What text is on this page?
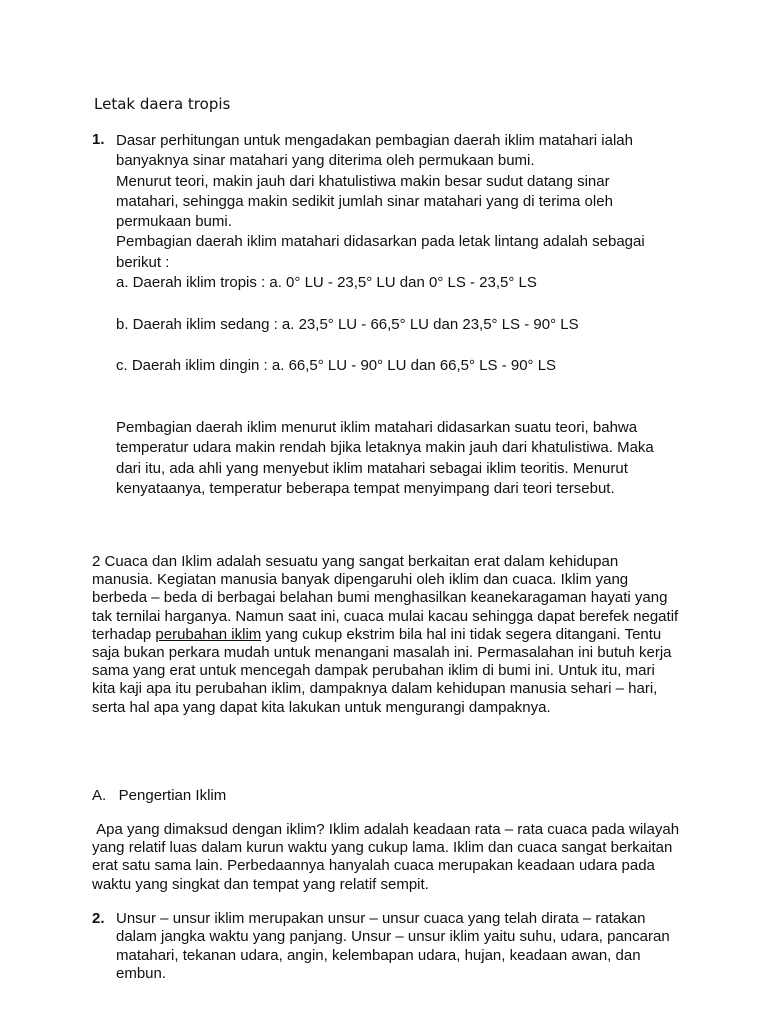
Letak daera tropis
1. Dasar perhitungan untuk mengadakan pembagian daerah iklim matahari ialah banyaknya sinar matahari yang diterima oleh permukaan bumi.

Menurut teori, makin jauh dari khatulistiwa makin besar sudut datang sinar matahari, sehingga makin sedikit jumlah sinar matahari yang di terima oleh permukaan bumi.

Pembagian daerah iklim matahari didasarkan pada letak lintang adalah sebagai berikut :

a. Daerah iklim tropis : a. 0° LU - 23,5° LU dan 0° LS - 23,5° LS

b. Daerah iklim sedang : a. 23,5° LU - 66,5° LU dan 23,5° LS - 90° LS

c. Daerah iklim dingin : a. 66,5° LU - 90° LU dan 66,5° LS - 90° LS

Pembagian daerah iklim menurut iklim matahari didasarkan suatu teori, bahwa temperatur udara makin rendah bjika letaknya makin jauh dari khatulistiwa. Maka dari itu, ada ahli yang menyebut iklim matahari sebagai iklim teoritis. Menurut kenyataanya, temperatur beberapa tempat menyimpang dari teori tersebut.

2 Cuaca dan Iklim adalah sesuatu yang sangat berkaitan erat dalam kehidupan manusia. Kegiatan manusia banyak dipengaruhi oleh iklim dan cuaca. Iklim yang berbeda – beda di berbagai belahan bumi menghasilkan keanekaragaman hayati yang tak ternilai harganya. Namun saat ini, cuaca mulai kacau sehingga dapat berefek negatif terhadap perubahan iklim yang cukup ekstrim bila hal ini tidak segera ditangani. Tentu saja bukan perkara mudah untuk menangani masalah ini. Permasalahan ini butuh kerja sama yang erat untuk mencegah dampak perubahan iklim di bumi ini. Untuk itu, mari kita kaji apa itu perubahan iklim, dampaknya dalam kehidupan manusia sehari – hari, serta hal apa yang dapat kita lakukan untuk mengurangi dampaknya.

A.   Pengertian Iklim

Apa yang dimaksud dengan iklim? Iklim adalah keadaan rata – rata cuaca pada wilayah yang relatif luas dalam kurun waktu yang cukup lama. Iklim dan cuaca sangat berkaitan erat satu sama lain. Perbedaannya hanyalah cuaca merupakan keadaan udara pada waktu yang singkat dan tempat yang relatif sempit.

2. Unsur – unsur iklim merupakan unsur – unsur cuaca yang telah dirata – ratakan dalam jangka waktu yang panjang. Unsur – unsur iklim yaitu suhu, udara, pancaran matahari, tekanan udara, angin, kelembapan udara, hujan, keadaan awan, dan embun.
